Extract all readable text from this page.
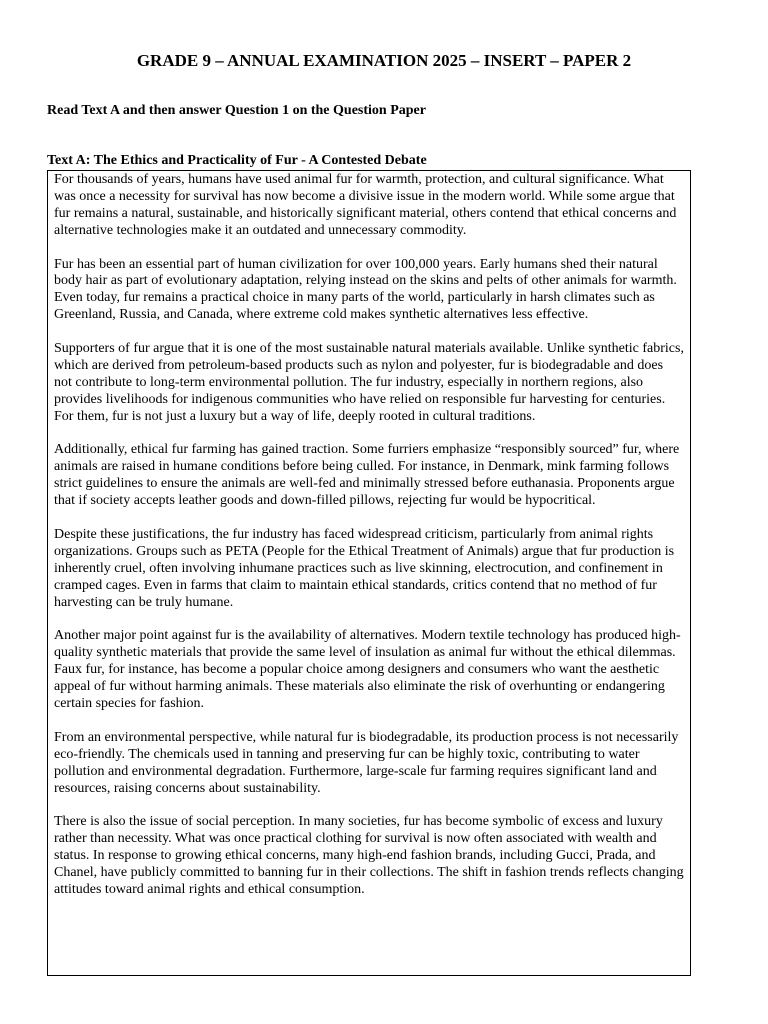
GRADE 9 – ANNUAL EXAMINATION 2025 – INSERT – PAPER 2

Read Text A and then answer Question 1 on the Question Paper

Text A: The Ethics and Practicality of Fur - A Contested Debate

For thousands of years, humans have used animal fur for warmth, protection, and cultural significance. What was once a necessity for survival has now become a divisive issue in the modern world. While some argue that fur remains a natural, sustainable, and historically significant material, others contend that ethical concerns and alternative technologies make it an outdated and unnecessary commodity.

Fur has been an essential part of human civilization for over 100,000 years. Early humans shed their natural body hair as part of evolutionary adaptation, relying instead on the skins and pelts of other animals for warmth. Even today, fur remains a practical choice in many parts of the world, particularly in harsh climates such as Greenland, Russia, and Canada, where extreme cold makes synthetic alternatives less effective.

Supporters of fur argue that it is one of the most sustainable natural materials available. Unlike synthetic fabrics, which are derived from petroleum-based products such as nylon and polyester, fur is biodegradable and does not contribute to long-term environmental pollution. The fur industry, especially in northern regions, also provides livelihoods for indigenous communities who have relied on responsible fur harvesting for centuries. For them, fur is not just a luxury but a way of life, deeply rooted in cultural traditions.

Additionally, ethical fur farming has gained traction. Some furriers emphasize “responsibly sourced” fur, where animals are raised in humane conditions before being culled. For instance, in Denmark, mink farming follows strict guidelines to ensure the animals are well-fed and minimally stressed before euthanasia. Proponents argue that if society accepts leather goods and down-filled pillows, rejecting fur would be hypocritical.

Despite these justifications, the fur industry has faced widespread criticism, particularly from animal rights organizations. Groups such as PETA (People for the Ethical Treatment of Animals) argue that fur production is inherently cruel, often involving inhumane practices such as live skinning, electrocution, and confinement in cramped cages. Even in farms that claim to maintain ethical standards, critics contend that no method of fur harvesting can be truly humane.

Another major point against fur is the availability of alternatives. Modern textile technology has produced high-quality synthetic materials that provide the same level of insulation as animal fur without the ethical dilemmas. Faux fur, for instance, has become a popular choice among designers and consumers who want the aesthetic appeal of fur without harming animals. These materials also eliminate the risk of overhunting or endangering certain species for fashion.

From an environmental perspective, while natural fur is biodegradable, its production process is not necessarily eco-friendly. The chemicals used in tanning and preserving fur can be highly toxic, contributing to water pollution and environmental degradation. Furthermore, large-scale fur farming requires significant land and resources, raising concerns about sustainability.

There is also the issue of social perception. In many societies, fur has become symbolic of excess and luxury rather than necessity. What was once practical clothing for survival is now often associated with wealth and status. In response to growing ethical concerns, many high-end fashion brands, including Gucci, Prada, and Chanel, have publicly committed to banning fur in their collections. The shift in fashion trends reflects changing attitudes toward animal rights and ethical consumption.
